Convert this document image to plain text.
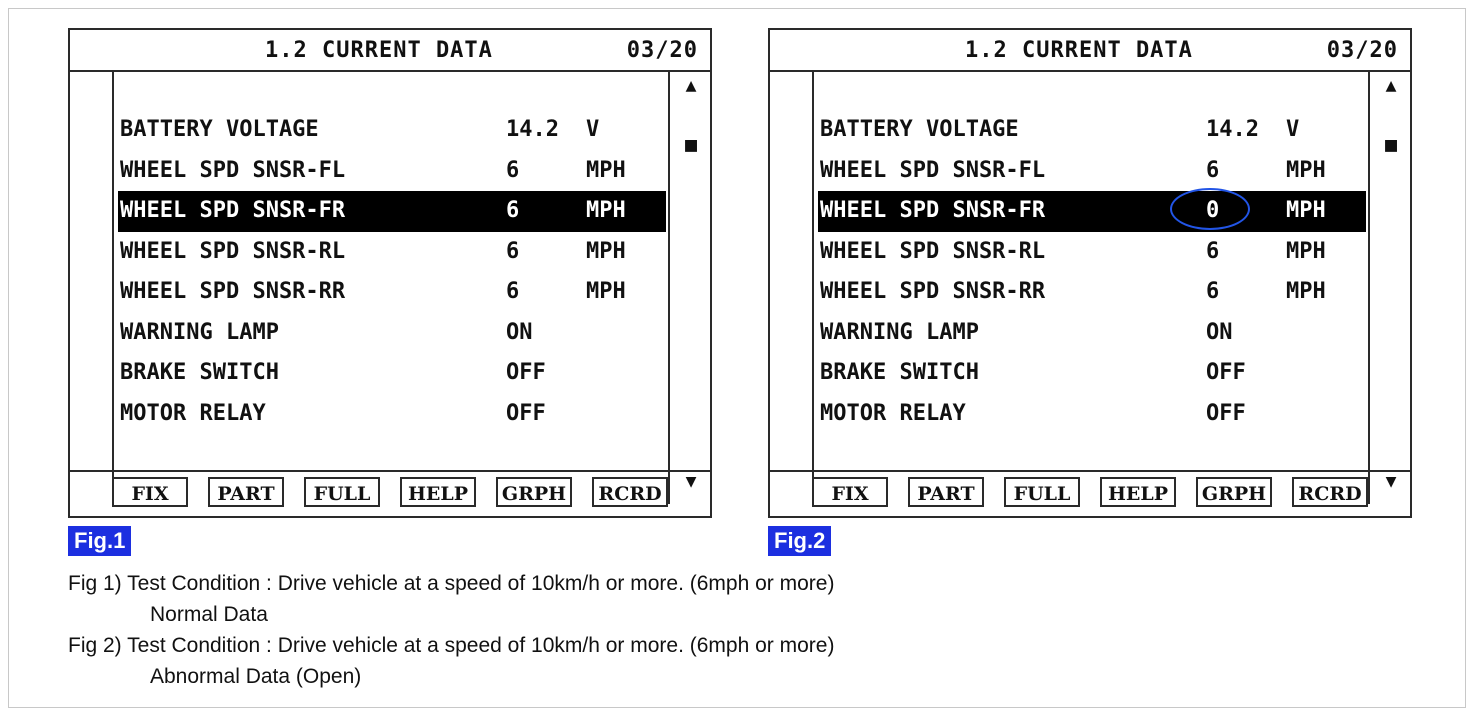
1.2 CURRENT DATA	03/20
▲
■
▼
BATTERY VOLTAGE	14.2 V
WHEEL SPD SNSR-FL	6	MPH
WHEEL SPD SNSR-FR	6	MPH
WHEEL SPD SNSR-RL	6	MPH
WHEEL SPD SNSR-RR	6	MPH
WARNING LAMP	ON
BRAKE SWITCH	OFF
MOTOR RELAY	OFF
FIX	PART	FULL	HELP	GRPH	RCRD
1.2 CURRENT DATA	03/20
▲
■
▼
BATTERY VOLTAGE	14.2 V
WHEEL SPD SNSR-FL	6	MPH
WHEEL SPD SNSR-FR	0	MPH
WHEEL SPD SNSR-RL	6	MPH
WHEEL SPD SNSR-RR	6	MPH
WARNING LAMP	ON
BRAKE SWITCH	OFF
MOTOR RELAY	OFF
FIX	PART	FULL	HELP	GRPH	RCRD
Fig.1	Fig.2
Fig 1) Test Condition : Drive vehicle at a speed of 10km/h or more. (6mph or more)
Normal Data
Fig 2) Test Condition : Drive vehicle at a speed of 10km/h or more. (6mph or more)
Abnormal Data (Open)
